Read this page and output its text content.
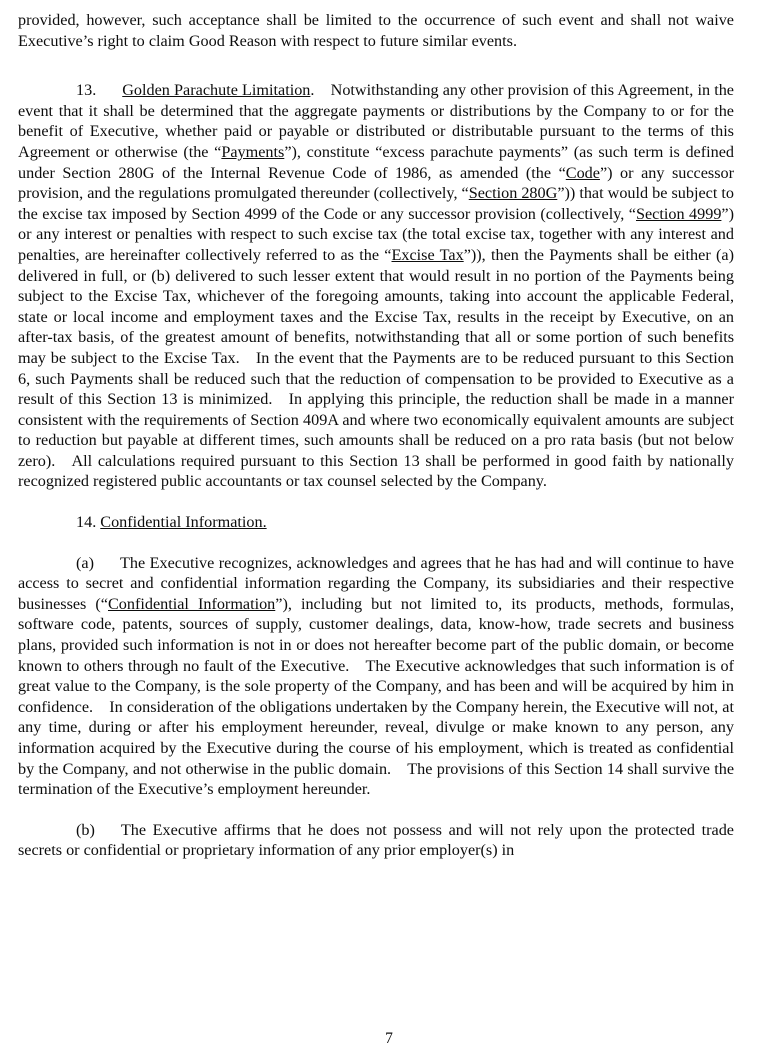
provided, however, such acceptance shall be limited to the occurrence of such event and shall not waive Executive’s right to claim Good Reason with respect to future similar events.

13. Golden Parachute Limitation. Notwithstanding any other provision of this Agreement, in the event that it shall be determined that the aggregate payments or distributions by the Company to or for the benefit of Executive, whether paid or payable or distributed or distributable pursuant to the terms of this Agreement or otherwise (the “Payments”), constitute “excess parachute payments” (as such term is defined under Section 280G of the Internal Revenue Code of 1986, as amended (the “Code”) or any successor provision, and the regulations promulgated thereunder (collectively, “Section 280G”)) that would be subject to the excise tax imposed by Section 4999 of the Code or any successor provision (collectively, “Section 4999”) or any interest or penalties with respect to such excise tax (the total excise tax, together with any interest and penalties, are hereinafter collectively referred to as the “Excise Tax”)), then the Payments shall be either (a) delivered in full, or (b) delivered to such lesser extent that would result in no portion of the Payments being subject to the Excise Tax, whichever of the foregoing amounts, taking into account the applicable Federal, state or local income and employment taxes and the Excise Tax, results in the receipt by Executive, on an after-tax basis, of the greatest amount of benefits, notwithstanding that all or some portion of such benefits may be subject to the Excise Tax. In the event that the Payments are to be reduced pursuant to this Section 6, such Payments shall be reduced such that the reduction of compensation to be provided to Executive as a result of this Section 13 is minimized. In applying this principle, the reduction shall be made in a manner consistent with the requirements of Section 409A and where two economically equivalent amounts are subject to reduction but payable at different times, such amounts shall be reduced on a pro rata basis (but not below zero). All calculations required pursuant to this Section 13 shall be performed in good faith by nationally recognized registered public accountants or tax counsel selected by the Company.

14. Confidential Information.

(a) The Executive recognizes, acknowledges and agrees that he has had and will continue to have access to secret and confidential information regarding the Company, its subsidiaries and their respective businesses (“Confidential Information”), including but not limited to, its products, methods, formulas, software code, patents, sources of supply, customer dealings, data, know-how, trade secrets and business plans, provided such information is not in or does not hereafter become part of the public domain, or become known to others through no fault of the Executive. The Executive acknowledges that such information is of great value to the Company, is the sole property of the Company, and has been and will be acquired by him in confidence. In consideration of the obligations undertaken by the Company herein, the Executive will not, at any time, during or after his employment hereunder, reveal, divulge or make known to any person, any information acquired by the Executive during the course of his employment, which is treated as confidential by the Company, and not otherwise in the public domain. The provisions of this Section 14 shall survive the termination of the Executive’s employment hereunder.

(b) The Executive affirms that he does not possess and will not rely upon the protected trade secrets or confidential or proprietary information of any prior employer(s) in

7
